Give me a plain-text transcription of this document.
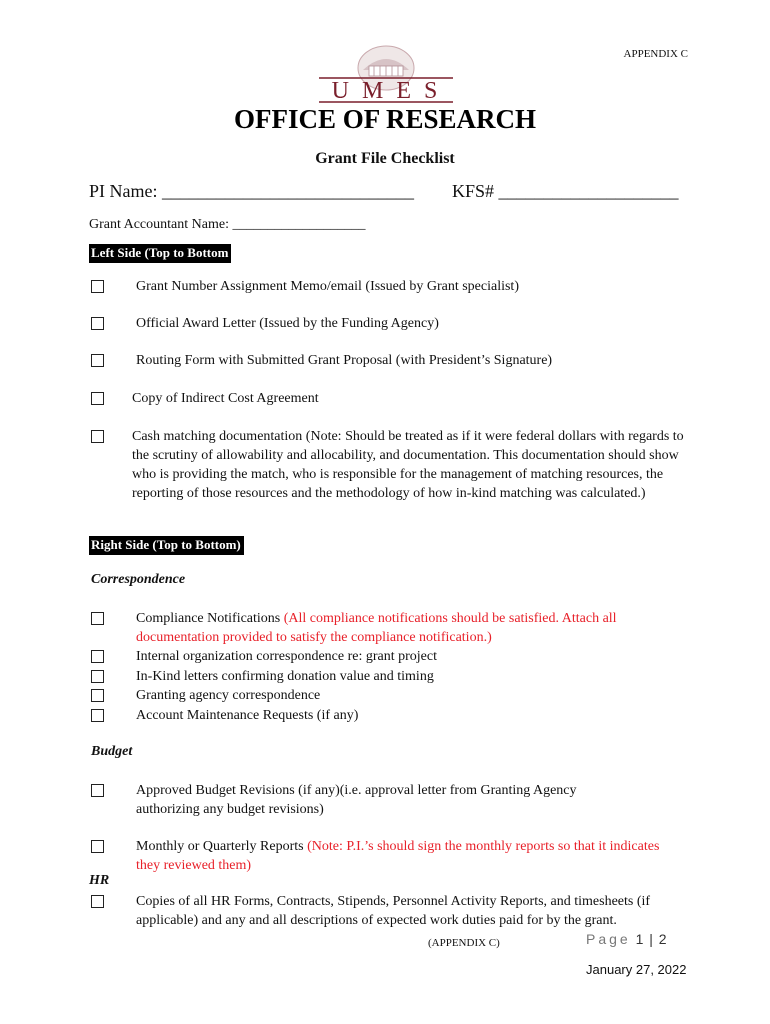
APPENDIX C
UMES
OFFICE OF RESEARCH
Grant File Checklist
PI Name: ____________________________ KFS# ____________________
Grant Accountant Name: ___________________
Left Side (Top to Bottom
Grant Number Assignment Memo/email (Issued by Grant specialist)
Official Award Letter (Issued by the Funding Agency)
Routing Form with Submitted Grant Proposal (with President’s Signature)
Copy of Indirect Cost Agreement
Cash matching documentation (Note: Should be treated as if it were federal dollars with regards to the scrutiny of allowability and allocability, and documentation. This documentation should show who is providing the match, who is responsible for the management of matching resources, the reporting of those resources and the methodology of how in-kind matching was calculated.)
Right Side (Top to Bottom)
Correspondence
Compliance Notifications (All compliance notifications should be satisfied. Attach all documentation provided to satisfy the compliance notification.)
Internal organization correspondence re: grant project
In-Kind letters confirming donation value and timing
Granting agency correspondence
Account Maintenance Requests (if any)
Budget
Approved Budget Revisions (if any)(i.e. approval letter from Granting Agency authorizing any budget revisions)
Monthly or Quarterly Reports (Note: P.I.’s should sign the monthly reports so that it indicates they reviewed them)
HR
Copies of all HR Forms, Contracts, Stipends, Personnel Activity Reports, and timesheets (if applicable) and any and all descriptions of expected work duties paid for by the grant.
(APPENDIX C)	Page 1 | 2
January 27, 2022
